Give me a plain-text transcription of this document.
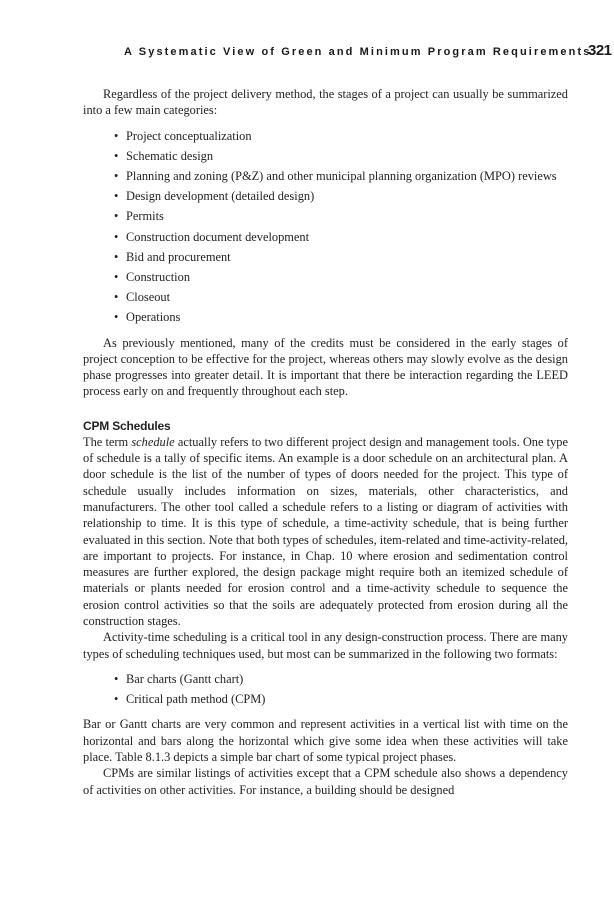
A Systematic View of Green and Minimum Program Requirements
321

Regardless of the project delivery method, the stages of a project can usually be summarized into a few main categories:

• Project conceptualization
• Schematic design
• Planning and zoning (P&Z) and other municipal planning organization (MPO) reviews
• Design development (detailed design)
• Permits
• Construction document development
• Bid and procurement
• Construction
• Closeout
• Operations

As previously mentioned, many of the credits must be considered in the early stages of project conception to be effective for the project, whereas others may slowly evolve as the design phase progresses into greater detail. It is important that there be interaction regarding the LEED process early on and frequently throughout each step.

CPM Schedules

The term schedule actually refers to two different project design and management tools. One type of schedule is a tally of specific items. An example is a door schedule on an architectural plan. A door schedule is the list of the number of types of doors needed for the project. This type of schedule usually includes information on sizes, materials, other characteristics, and manufacturers. The other tool called a schedule refers to a listing or diagram of activities with relationship to time. It is this type of schedule, a time-activity schedule, that is being further evaluated in this section. Note that both types of schedules, item-related and time-activity-related, are important to projects. For instance, in Chap. 10 where erosion and sedimentation control measures are further explored, the design package might require both an itemized schedule of materials or plants needed for erosion control and a time-activity schedule to sequence the erosion control activities so that the soils are adequately protected from erosion during all the construction stages.

Activity-time scheduling is a critical tool in any design-construction process. There are many types of scheduling techniques used, but most can be summarized in the following two formats:

• Bar charts (Gantt chart)
• Critical path method (CPM)

Bar or Gantt charts are very common and represent activities in a vertical list with time on the horizontal and bars along the horizontal which give some idea when these activities will take place. Table 8.1.3 depicts a simple bar chart of some typical project phases.

CPMs are similar listings of activities except that a CPM schedule also shows a dependency of activities on other activities. For instance, a building should be designed
